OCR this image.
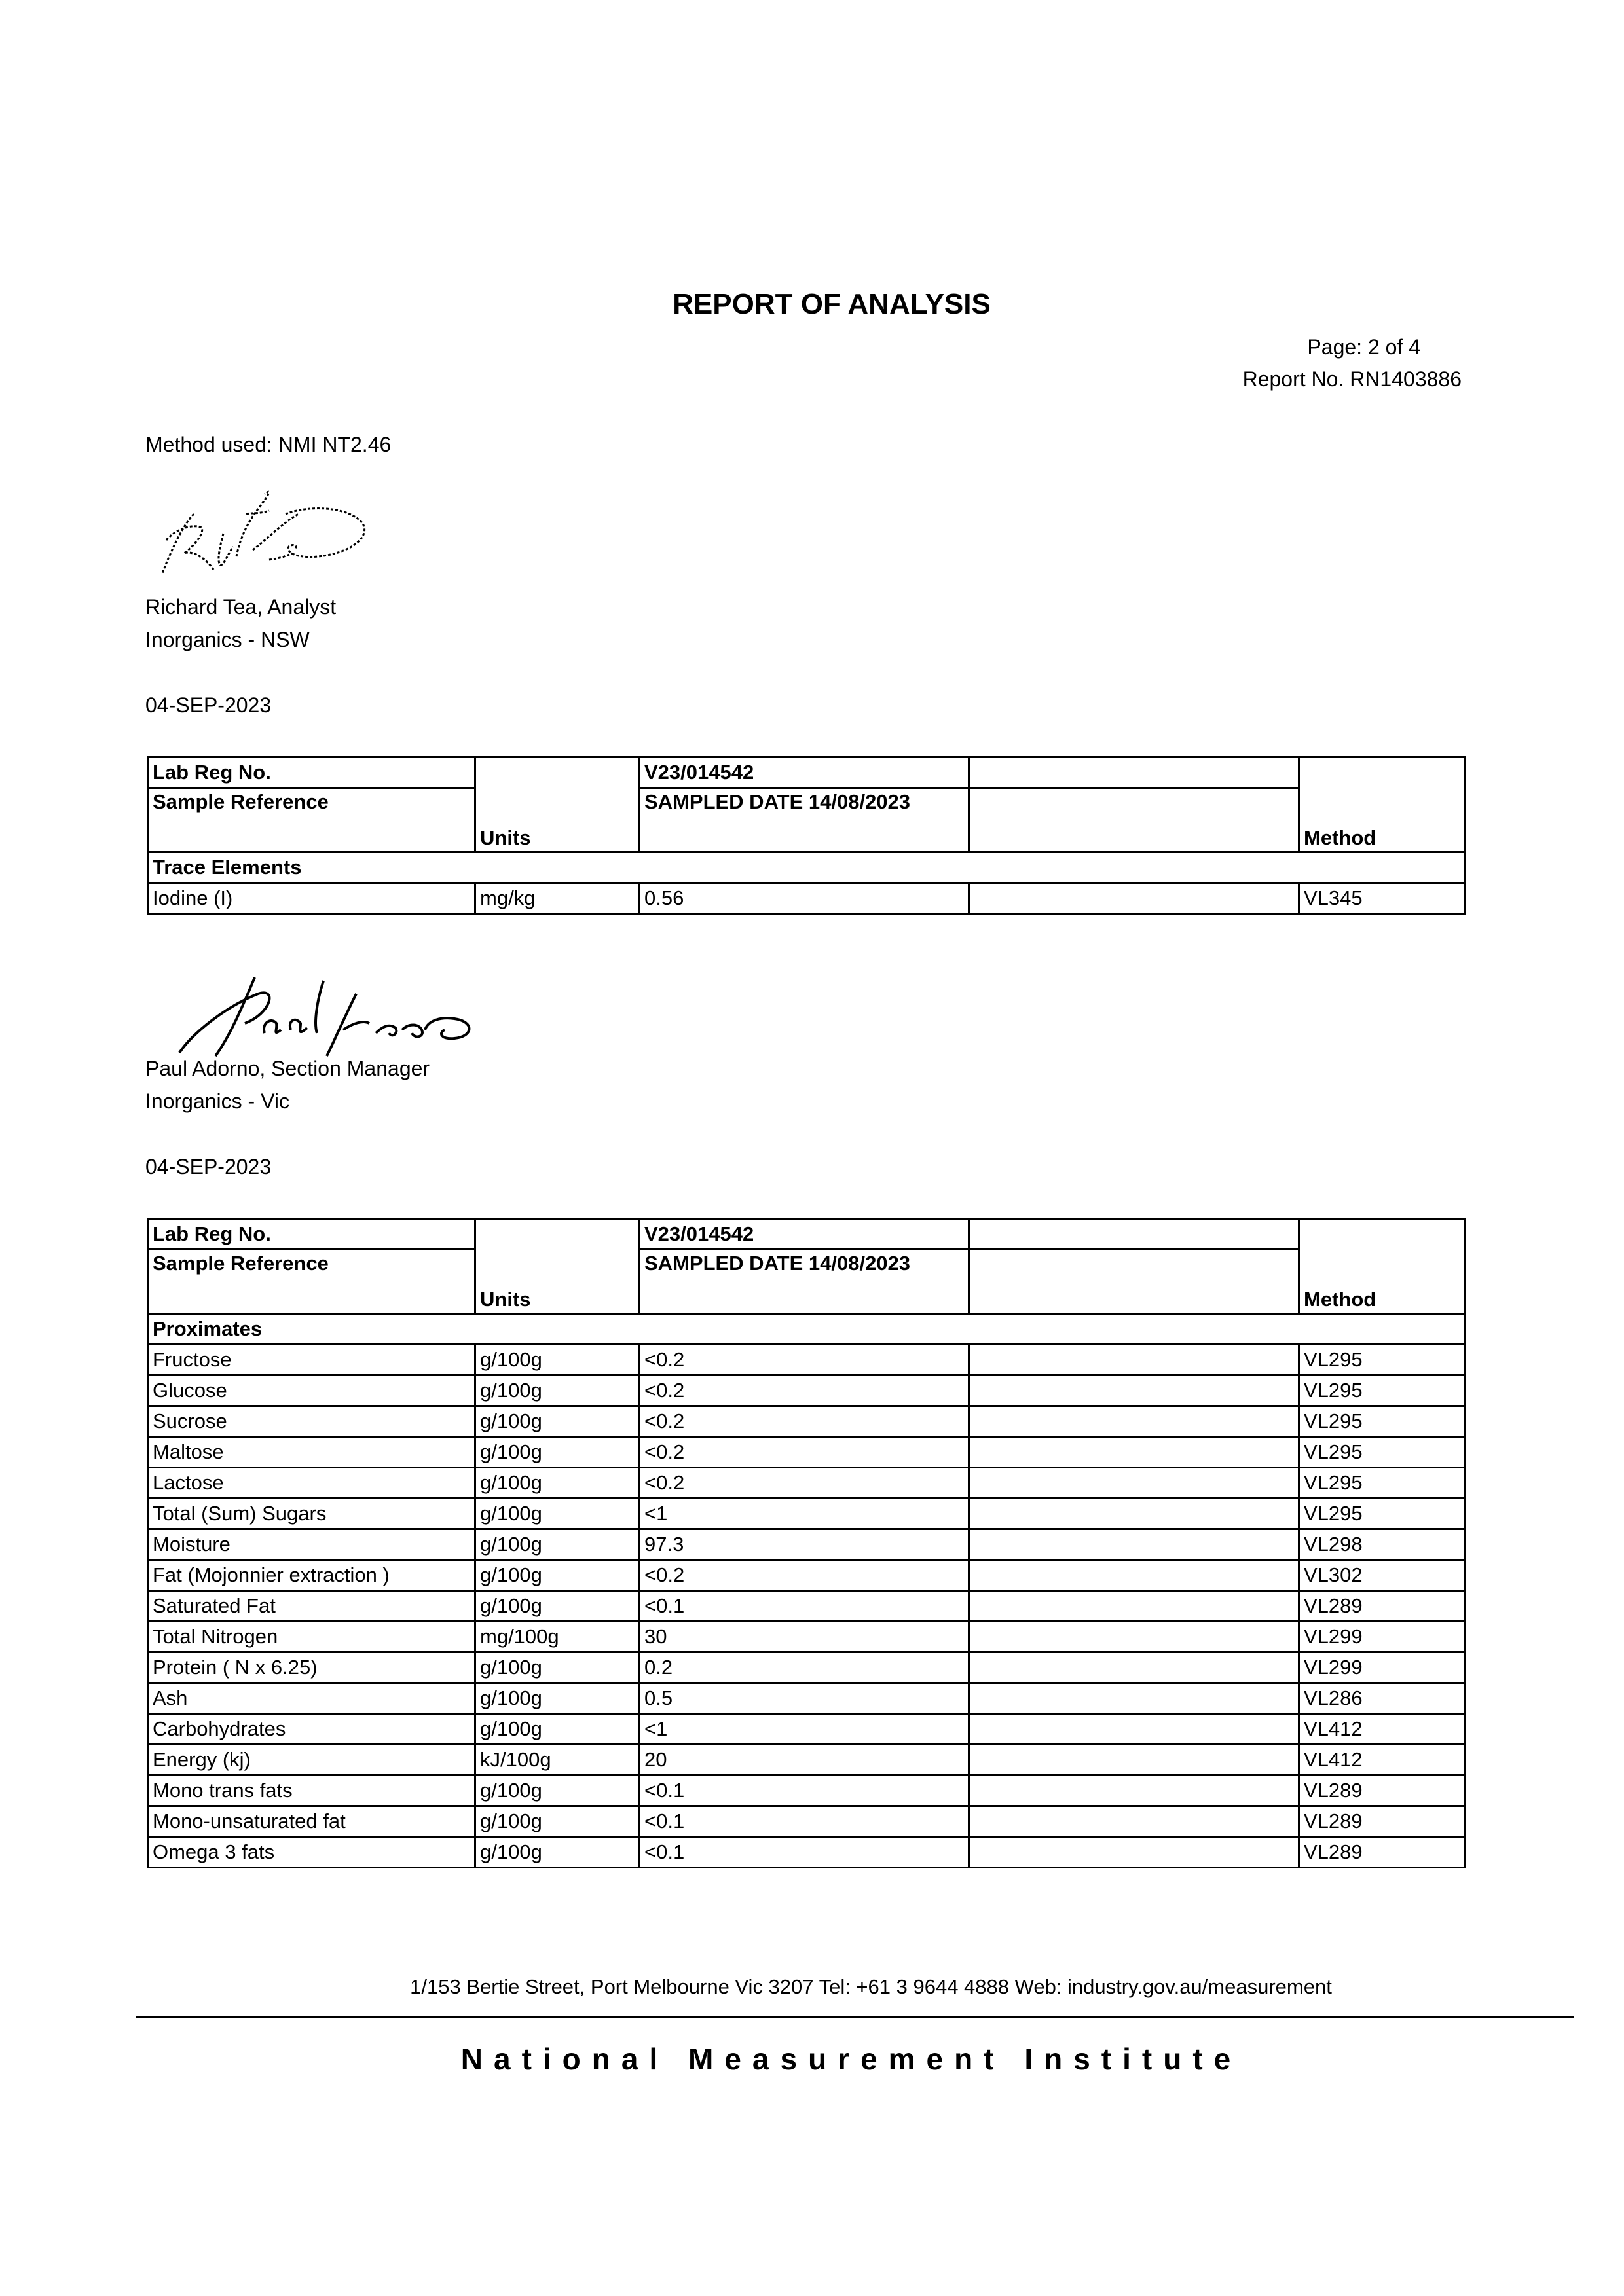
REPORT OF ANALYSIS
Page: 2 of 4
Report No. RN1403886
Method used: NMI NT2.46
Richard Tea, Analyst
Inorganics - NSW
04-SEP-2023
Lab Reg No.	Units	V23/014542		Method
Sample Reference		SAMPLED DATE 14/08/2023		
Trace Elements				
Iodine (I)	mg/kg	0.56		VL345
Paul Adorno, Section Manager
Inorganics - Vic
04-SEP-2023
Lab Reg No.	Units	V23/014542		Method
Sample Reference		SAMPLED DATE 14/08/2023		
Proximates				
Fructose	g/100g	<0.2		VL295
Glucose	g/100g	<0.2		VL295
Sucrose	g/100g	<0.2		VL295
Maltose	g/100g	<0.2		VL295
Lactose	g/100g	<0.2		VL295
Total (Sum) Sugars	g/100g	<1		VL295
Moisture	g/100g	97.3		VL298
Fat (Mojonnier extraction )	g/100g	<0.2		VL302
Saturated Fat	g/100g	<0.1		VL289
Total Nitrogen	mg/100g	30		VL299
Protein ( N x 6.25)	g/100g	0.2		VL299
Ash	g/100g	0.5		VL286
Carbohydrates	g/100g	<1		VL412
Energy (kj)	kJ/100g	20		VL412
Mono trans fats	g/100g	<0.1		VL289
Mono-unsaturated fat	g/100g	<0.1		VL289
Omega 3 fats	g/100g	<0.1		VL289
1/153 Bertie Street, Port Melbourne Vic 3207 Tel: +61 3 9644 4888 Web: industry.gov.au/measurement
National Measurement Institute
